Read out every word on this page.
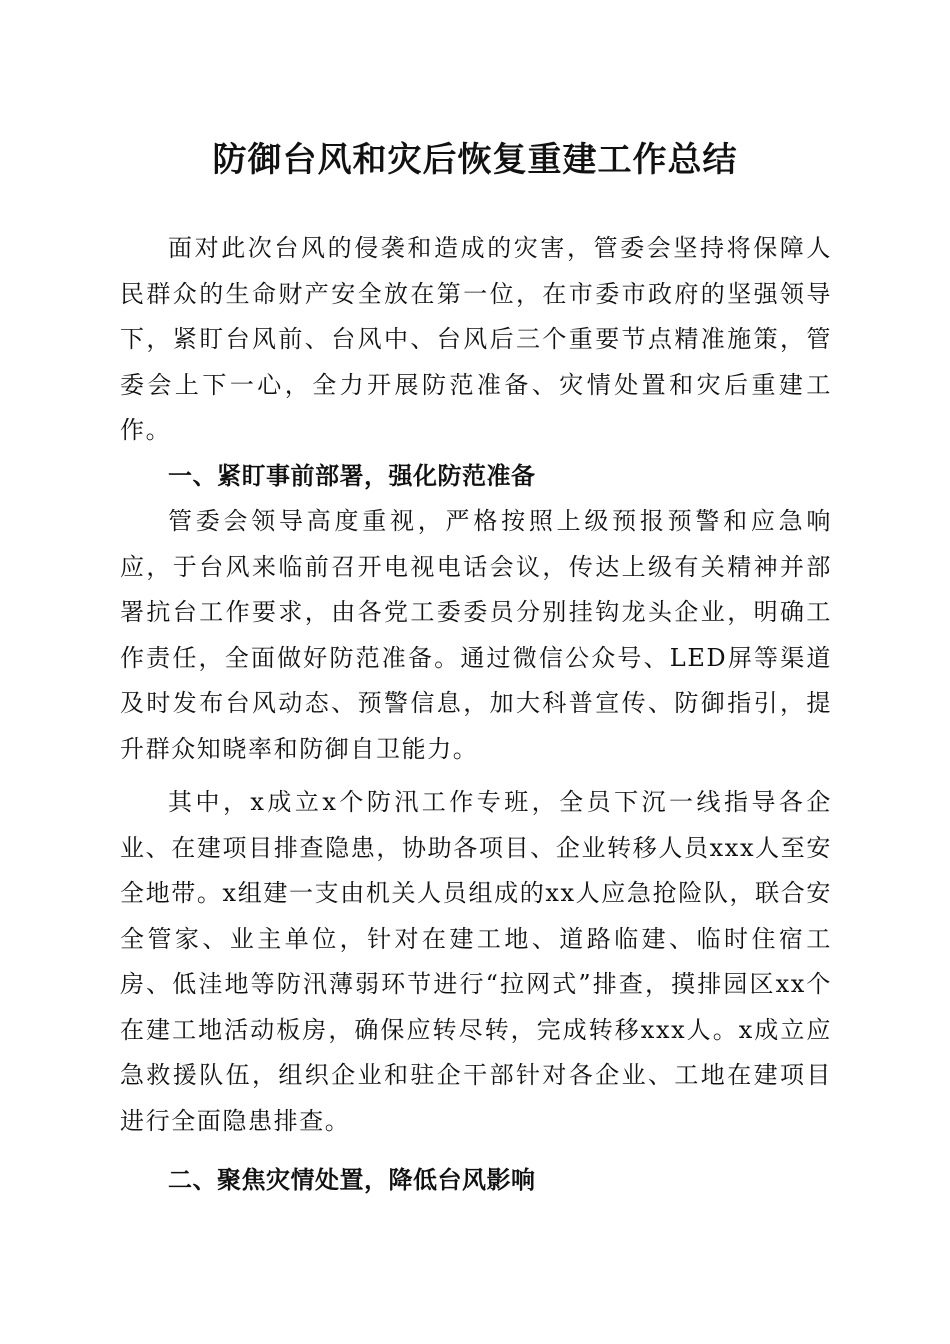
防御台风和灾后恢复重建工作总结

面对此次台风的侵袭和造成的灾害，管委会坚持将保障人民群众的生命财产安全放在第一位，在市委市政府的坚强领导下，紧盯台风前、台风中、台风后三个重要节点精准施策，管委会上下一心，全力开展防范准备、灾情处置和灾后重建工作。

一、紧盯事前部署，强化防范准备

管委会领导高度重视，严格按照上级预报预警和应急响应，于台风来临前召开电视电话会议，传达上级有关精神并部署抗台工作要求，由各党工委委员分别挂钩龙头企业，明确工作责任，全面做好防范准备。通过微信公众号、LED屏等渠道及时发布台风动态、预警信息，加大科普宣传、防御指引，提升群众知晓率和防御自卫能力。

其中，x成立x个防汛工作专班，全员下沉一线指导各企业、在建项目排查隐患，协助各项目、企业转移人员xxx人至安全地带。x组建一支由机关人员组成的xx人应急抢险队，联合安全管家、业主单位，针对在建工地、道路临建、临时住宿工房、低洼地等防汛薄弱环节进行“拉网式”排查，摸排园区xx个在建工地活动板房，确保应转尽转，完成转移xxx人。x成立应急救援队伍，组织企业和驻企干部针对各企业、工地在建项目进行全面隐患排查。

二、聚焦灾情处置，降低台风影响
